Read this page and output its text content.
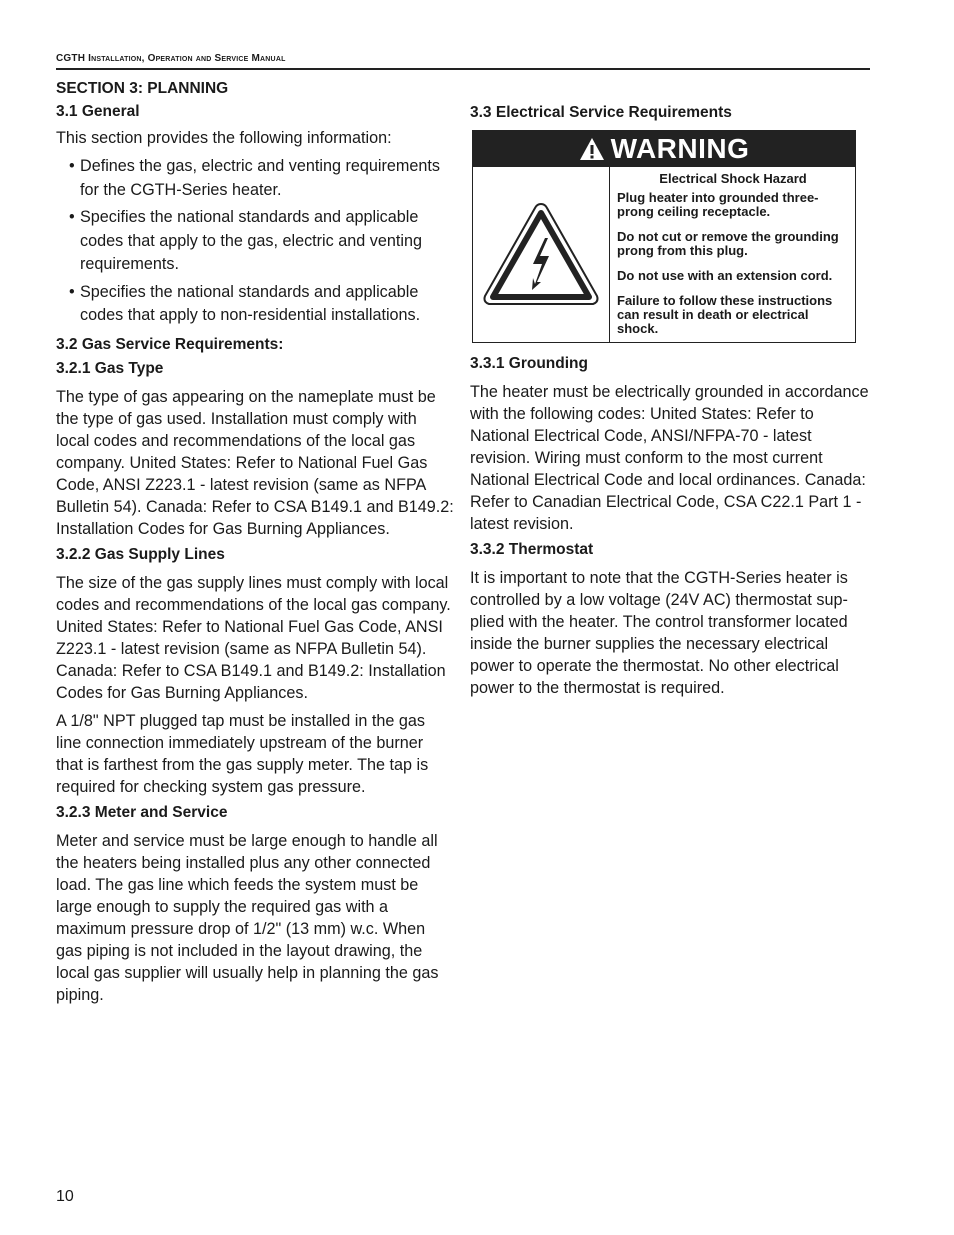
CGTH Installation, Operation and Service Manual
SECTION 3: PLANNING
3.1 General

This section provides the following information:

• Defines the gas, electric and venting requirements for the CGTH-Series heater.
• Specifies the national standards and applicable codes that apply to the gas, electric and venting requirements.
• Specifies the national standards and applicable codes that apply to non-residential installations.
3.2 Gas Service Requirements:
3.2.1 Gas Type

The type of gas appearing on the nameplate must be the type of gas used. Installation must comply with local codes and recommendations of the local gas company. United States: Refer to National Fuel Gas Code, ANSI Z223.1 - latest revision (same as NFPA Bulletin 54). Canada: Refer to CSA B149.1 and B149.2: Installation Codes for Gas Burning Appliances.

3.2.2 Gas Supply Lines

The size of the gas supply lines must comply with local codes and recommendations of the local gas company. United States: Refer to National Fuel Gas Code, ANSI Z223.1 - latest revision (same as NFPA Bulletin 54). Canada: Refer to CSA B149.1 and B149.2: Installation Codes for Gas Burning Appliances.

A 1/8" NPT plugged tap must be installed in the gas line connection immediately upstream of the burner that is farthest from the gas supply meter. The tap is required for checking system gas pressure.

3.2.3 Meter and Service

Meter and service must be large enough to handle all the heaters being installed plus any other connected load. The gas line which feeds the system must be large enough to supply the required gas with a maximum pressure drop of 1/2" (13 mm) w.c. When gas piping is not included in the layout drawing, the local gas supplier will usually help in planning the gas piping.

3.3 Electrical Service Requirements
WARNING
Electrical Shock Hazard
Plug heater into grounded three-prong ceiling receptacle.
Do not cut or remove the grounding prong from this plug.
Do not use with an extension cord.
Failure to follow these instructions can result in death or electrical shock.
3.3.1 Grounding

The heater must be electrically grounded in accordance with the following codes: United States: Refer to National Electrical Code, ANSI/NFPA-70 - latest revision. Wiring must conform to the most current National Electrical Code and local ordinances. Canada: Refer to Canadian Electrical Code, CSA C22.1 Part 1 - latest revision.

3.3.2 Thermostat

It is important to note that the CGTH-Series heater is controlled by a low voltage (24V AC) thermostat sup-plied with the heater. The control transformer located inside the burner supplies the necessary electrical power to operate the thermostat. No other electrical power to the thermostat is required.

10
